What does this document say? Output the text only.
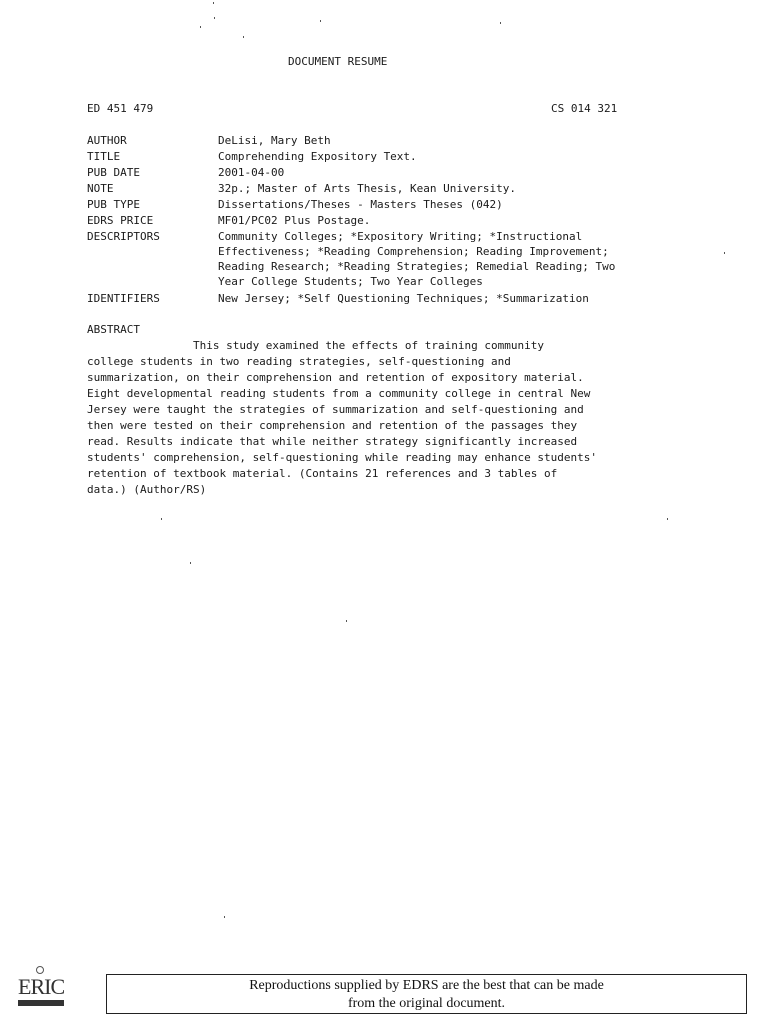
DOCUMENT RESUME
ED 451 479	CS 014 321
AUTHOR	DeLisi, Mary Beth
TITLE	Comprehending Expository Text.
PUB DATE	2001-04-00
NOTE	32p.; Master of Arts Thesis, Kean University.
PUB TYPE	Dissertations/Theses - Masters Theses (042)
EDRS PRICE	MF01/PC02 Plus Postage.
DESCRIPTORS	Community Colleges; *Expository Writing; *Instructional
Effectiveness; *Reading Comprehension; Reading Improvement;
Reading Research; *Reading Strategies; Remedial Reading; Two
Year College Students; Two Year Colleges
IDENTIFIERS	New Jersey; *Self Questioning Techniques; *Summarization
ABSTRACT
This study examined the effects of training community
college students in two reading strategies, self-questioning and
summarization, on their comprehension and retention of expository material.
Eight developmental reading students from a community college in central New
Jersey were taught the strategies of summarization and self-questioning and
then were tested on their comprehension and retention of the passages they
read. Results indicate that while neither strategy significantly increased
students' comprehension, self-questioning while reading may enhance students'
retention of textbook material. (Contains 21 references and 3 tables of
data.) (Author/RS)
ERIC	Reproductions supplied by EDRS are the best that can be made
from the original document.
